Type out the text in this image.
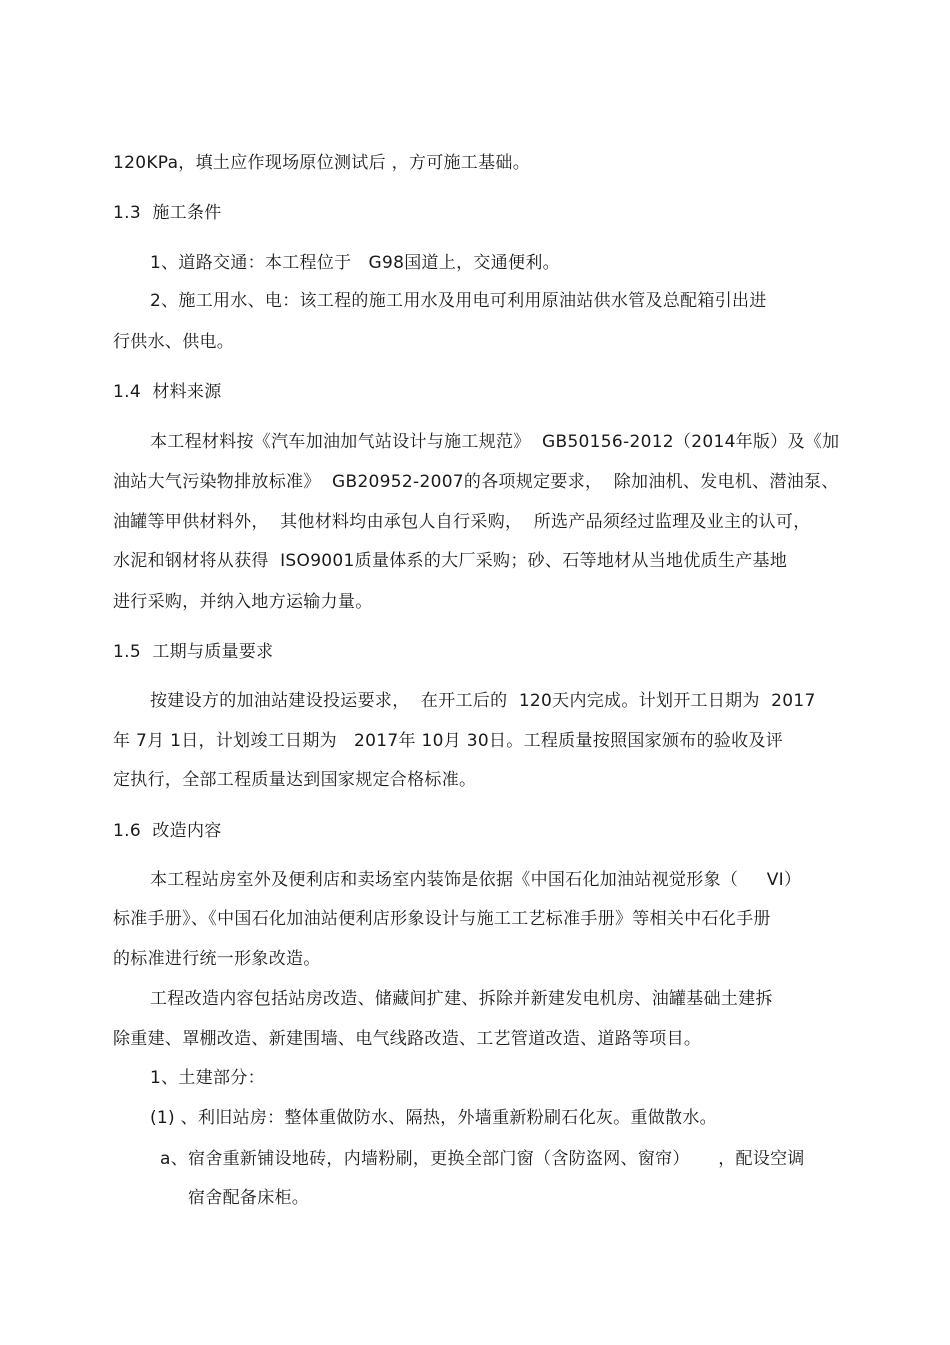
120KPa，填土应作现场原位测试后 ，方可施工基础。
1.3  施工条件
1、道路交通：本工程位于   G98国道上，交通便利。
2、施工用水、电：该工程的施工用水及用电可利用原油站供水管及总配箱引出进
行供水、供电。
1.4  材料来源
本工程材料按《汽车加油加气站设计与施工规范》  GB50156-2012（2014年版）及《加
油站大气污染物排放标准》  GB20952-2007的各项规定要求，  除加油机、发电机、潜油泵、
油罐等甲供材料外，  其他材料均由承包人自行采购，  所选产品须经过监理及业主的认可，
水泥和钢材将从获得  ISO9001质量体系的大厂采购；砂、石等地材从当地优质生产基地
进行采购，并纳入地方运输力量。
1.5  工期与质量要求
按建设方的加油站建设投运要求，  在开工后的  120天内完成。计划开工日期为  2017
年 7月 1日，计划竣工日期为   2017年 10月 30日。工程质量按照国家颁布的验收及评
定执行，全部工程质量达到国家规定合格标准。
1.6  改造内容
本工程站房室外及便利店和卖场室内装饰是依据《中国石化加油站视觉形象（     VI）
标准手册》、《中国石化加油站便利店形象设计与施工工艺标准手册》等相关中石化手册
的标准进行统一形象改造。
工程改造内容包括站房改造、储藏间扩建、拆除并新建发电机房、油罐基础土建拆
除重建、罩棚改造、新建围墙、电气线路改造、工艺管道改造、道路等项目。
1、土建部分：
(1) 、利旧站房：整体重做防水、隔热，外墙重新粉刷石化灰。重做散水。
a、宿舍重新铺设地砖，内墙粉刷，更换全部门窗（含防盗网、窗帘）     ，配设空调
宿舍配备床柜。
